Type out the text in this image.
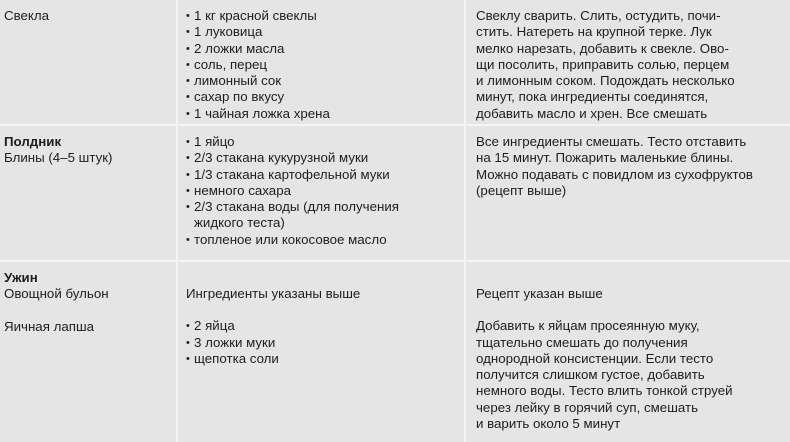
Свекла	• 1 кг красной свеклы
• 1 луковица
• 2 ложки масла
• соль, перец
• лимонный сок
• сахар по вкусу
• 1 чайная ложка хрена

Свеклу сварить. Слить, остудить, почи-

стить. Натереть на крупной терке. Лук

мелко нарезать, добавить к свекле. Ово-

щи посолить, приправить солью, перцем

и лимонным соком. Подождать несколько

минут, пока ингредиенты соединятся,

добавить масло и хрен. Все смешать

Полдник

Блины (4–5 штук)

• 1 яйцо
• 2/3 стакана кукурузной муки
• 1/3 стакана картофельной муки
• немного сахара
• 2/3 стакана воды (для получения жидкого теста)
• топленое или кокосовое масло

Все ингредиенты смешать. Тесто отставить

на 15 минут. Пожарить маленькие блины.

Можно подавать с повидлом из сухофруктов

(рецепт выше)

Ужин

Овощной бульон

Яичная лапша

Ингредиенты указаны выше

• 2 яйца
• 3 ложки муки
• щепотка соли

Рецепт указан выше

Добавить к яйцам просеянную муку,

тщательно смешать до получения

однородной консистенции. Если тесто

получится слишком густое, добавить

немного воды. Тесто влить тонкой струей

через лейку в горячий суп, смешать

и варить около 5 минут
